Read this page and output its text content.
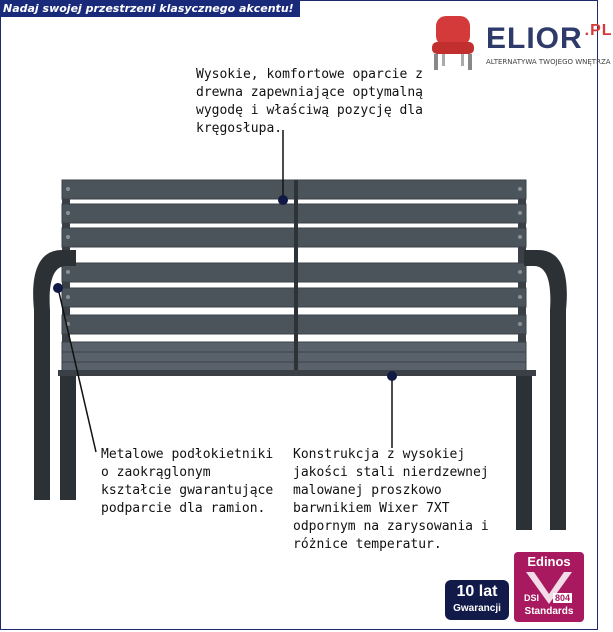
Nadaj swojej przestrzeni klasycznego akcentu!
ELIOR $^{.PL}$
ALTERNATYWA TWOJEGO WNĘTRZA

Wysokie, komfortowe oparcie z drewna zapewniające optymalną wygodę i właściwą pozycję dla kręgosłupa.

Metalowe podłokietniki o zaokrąglonym kształcie gwarantujące podparcie dla ramion.

Konstrukcja z wysokiej jakości stali nierdzewnej malowanej proszkowo barwnikiem Wixer 7XT odpornym na zarysowania i różnice temperatur.

10 lat
Gwarancji
Edinos
DSI 804
Standards
